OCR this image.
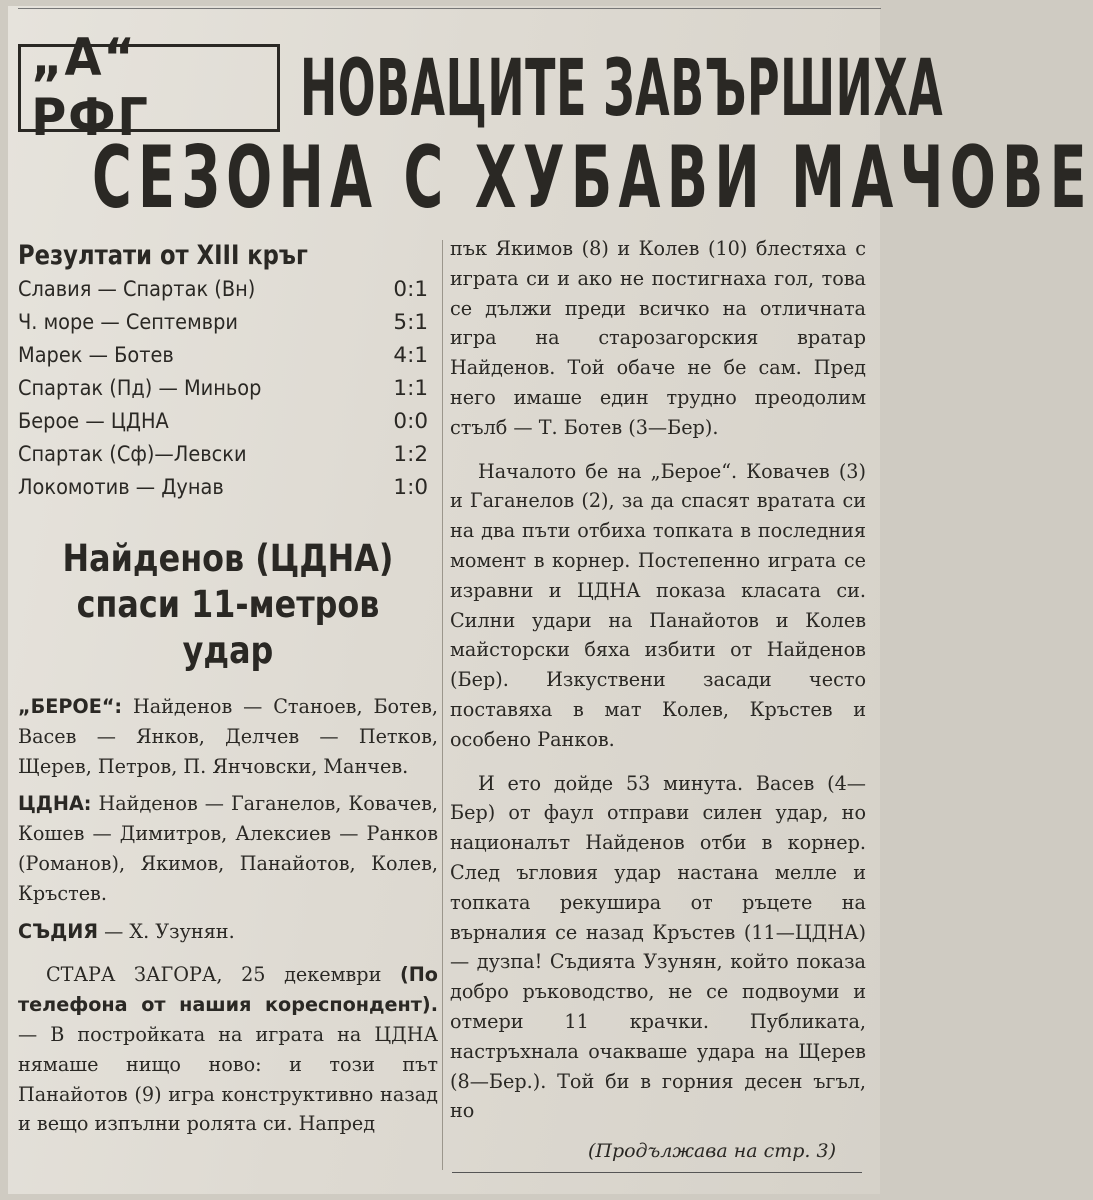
„А“ РФГ	НОВАЦИТЕ ЗАВЪРШИХА
СЕЗОНА С ХУБАВИ МАЧОВЕ
Резултати от XIII кръг
Славия — Спартак (Вн)	0:1
Ч. море — Септември	5:1
Марек — Ботев	4:1
Спартак (Пд) — Миньор	1:1
Берое — ЦДНА	0:0
Спартак (Сф)—Левски	1:2
Локомотив — Дунав	1:0
Найденов (ЦДНА)
спаси 11-метров
удар

„БЕРОЕ“: Найденов — Станоев, Ботев, Васев — Янков, Делчев — Петков, Щерев, Петров, П. Янчовски, Манчев.

ЦДНА: Найденов — Гаганелов, Ковачев, Кошев — Димитров, Алексиев — Ранков (Романов), Якимов, Панайотов, Колев, Кръстев.

СЪДИЯ — Х. Узунян.

СТАРА ЗАГОРА, 25 декември (По телефона от нашия кореспондент). — В постройката на играта на ЦДНА нямаше нищо ново: и този път Панайотов (9) игра конструктивно назад и вещо изпълни ролята си. Напред

пък Якимов (8) и Колев (10) блестяха с играта си и ако не постигнаха гол, това се дължи преди всичко на отличната игра на старозагорския вратар Найденов. Той обаче не бе сам. Пред него имаше един трудно преодолим стълб — Т. Ботев (3—Бер).

Началото бе на „Берое“. Ковачев (3) и Гаганелов (2), за да спасят вратата си на два пъти отбиха топката в последния момент в корнер. Постепенно играта се изравни и ЦДНА показа класата си. Силни удари на Панайотов и Колев майсторски бяха избити от Найденов (Бер). Изкуствени засади често поставяха в мат Колев, Кръстев и особено Ранков.

И ето дойде 53 минута. Васев (4—Бер) от фаул отправи силен удар, но националът Найденов отби в корнер. След ъгловия удар настана мелле и топката рекушира от ръцете на върналия се назад Кръстев (11—ЦДНА) — дузпа! Съдията Узунян, който показа добро ръководство, не се подвоуми и отмери 11 крачки. Публиката, настръхнала очакваше удара на Щерев (8—Бер.). Той би в горния десен ъгъл, но

(Продължава на стр. 3)
